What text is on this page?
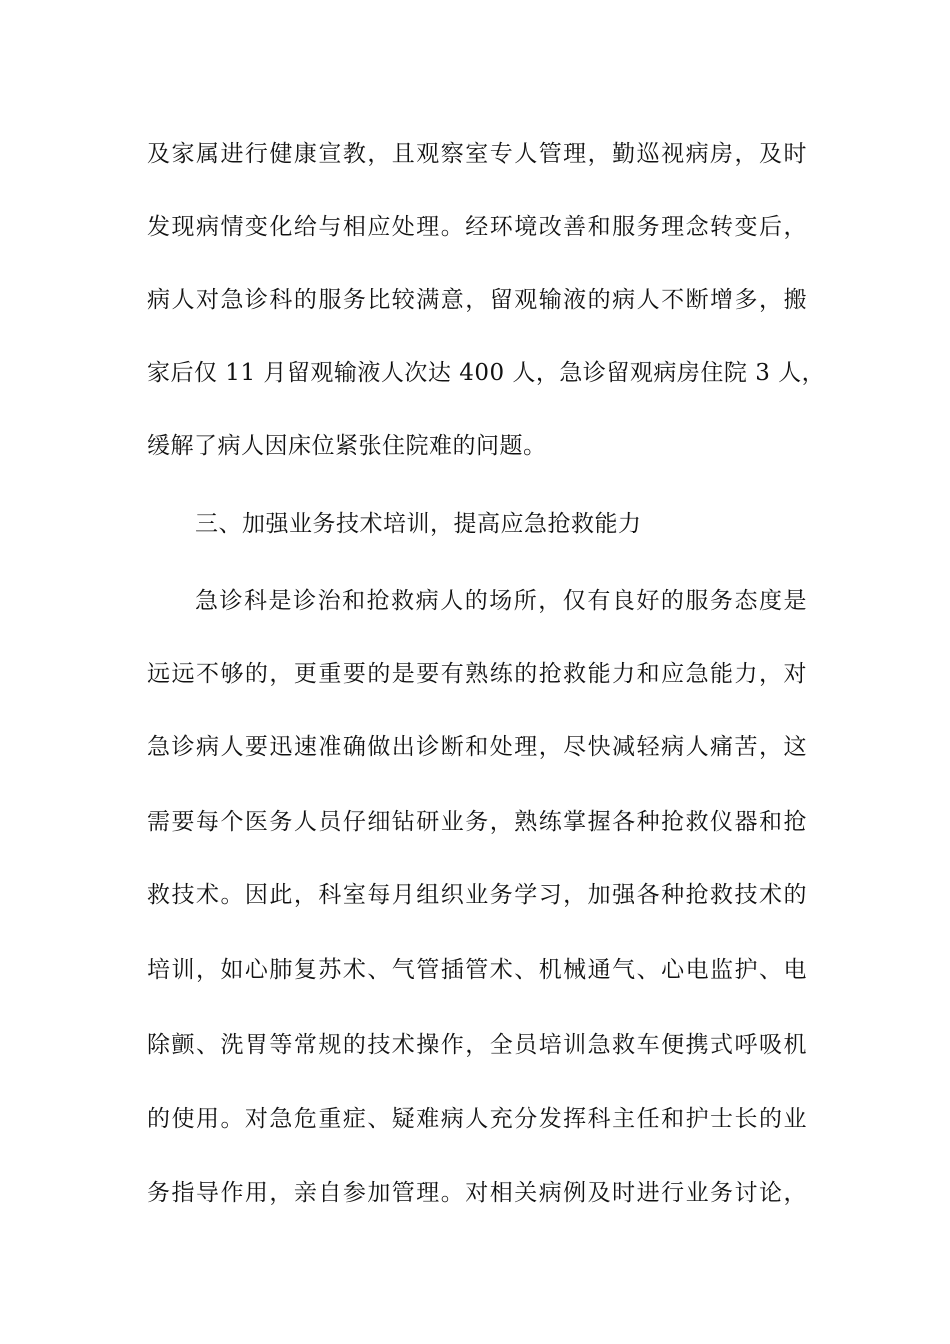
及家属进行健康宣教，且观察室专人管理，勤巡视病房，及时
发现病情变化给与相应处理。经环境改善和服务理念转变后，
病人对急诊科的服务比较满意，留观输液的病人不断增多，搬
家后仅 11 月留观输液人次达 400 人，急诊留观病房住院 3 人，
缓解了病人因床位紧张住院难的问题。
三、加强业务技术培训，提高应急抢救能力
急诊科是诊治和抢救病人的场所，仅有良好的服务态度是
远远不够的，更重要的是要有熟练的抢救能力和应急能力，对
急诊病人要迅速准确做出诊断和处理，尽快减轻病人痛苦，这
需要每个医务人员仔细钻研业务，熟练掌握各种抢救仪器和抢
救技术。因此，科室每月组织业务学习，加强各种抢救技术的
培训，如心肺复苏术、气管插管术、机械通气、心电监护、电
除颤、洗胃等常规的技术操作，全员培训急救车便携式呼吸机
的使用。对急危重症、疑难病人充分发挥科主任和护士长的业
务指导作用，亲自参加管理。对相关病例及时进行业务讨论，
